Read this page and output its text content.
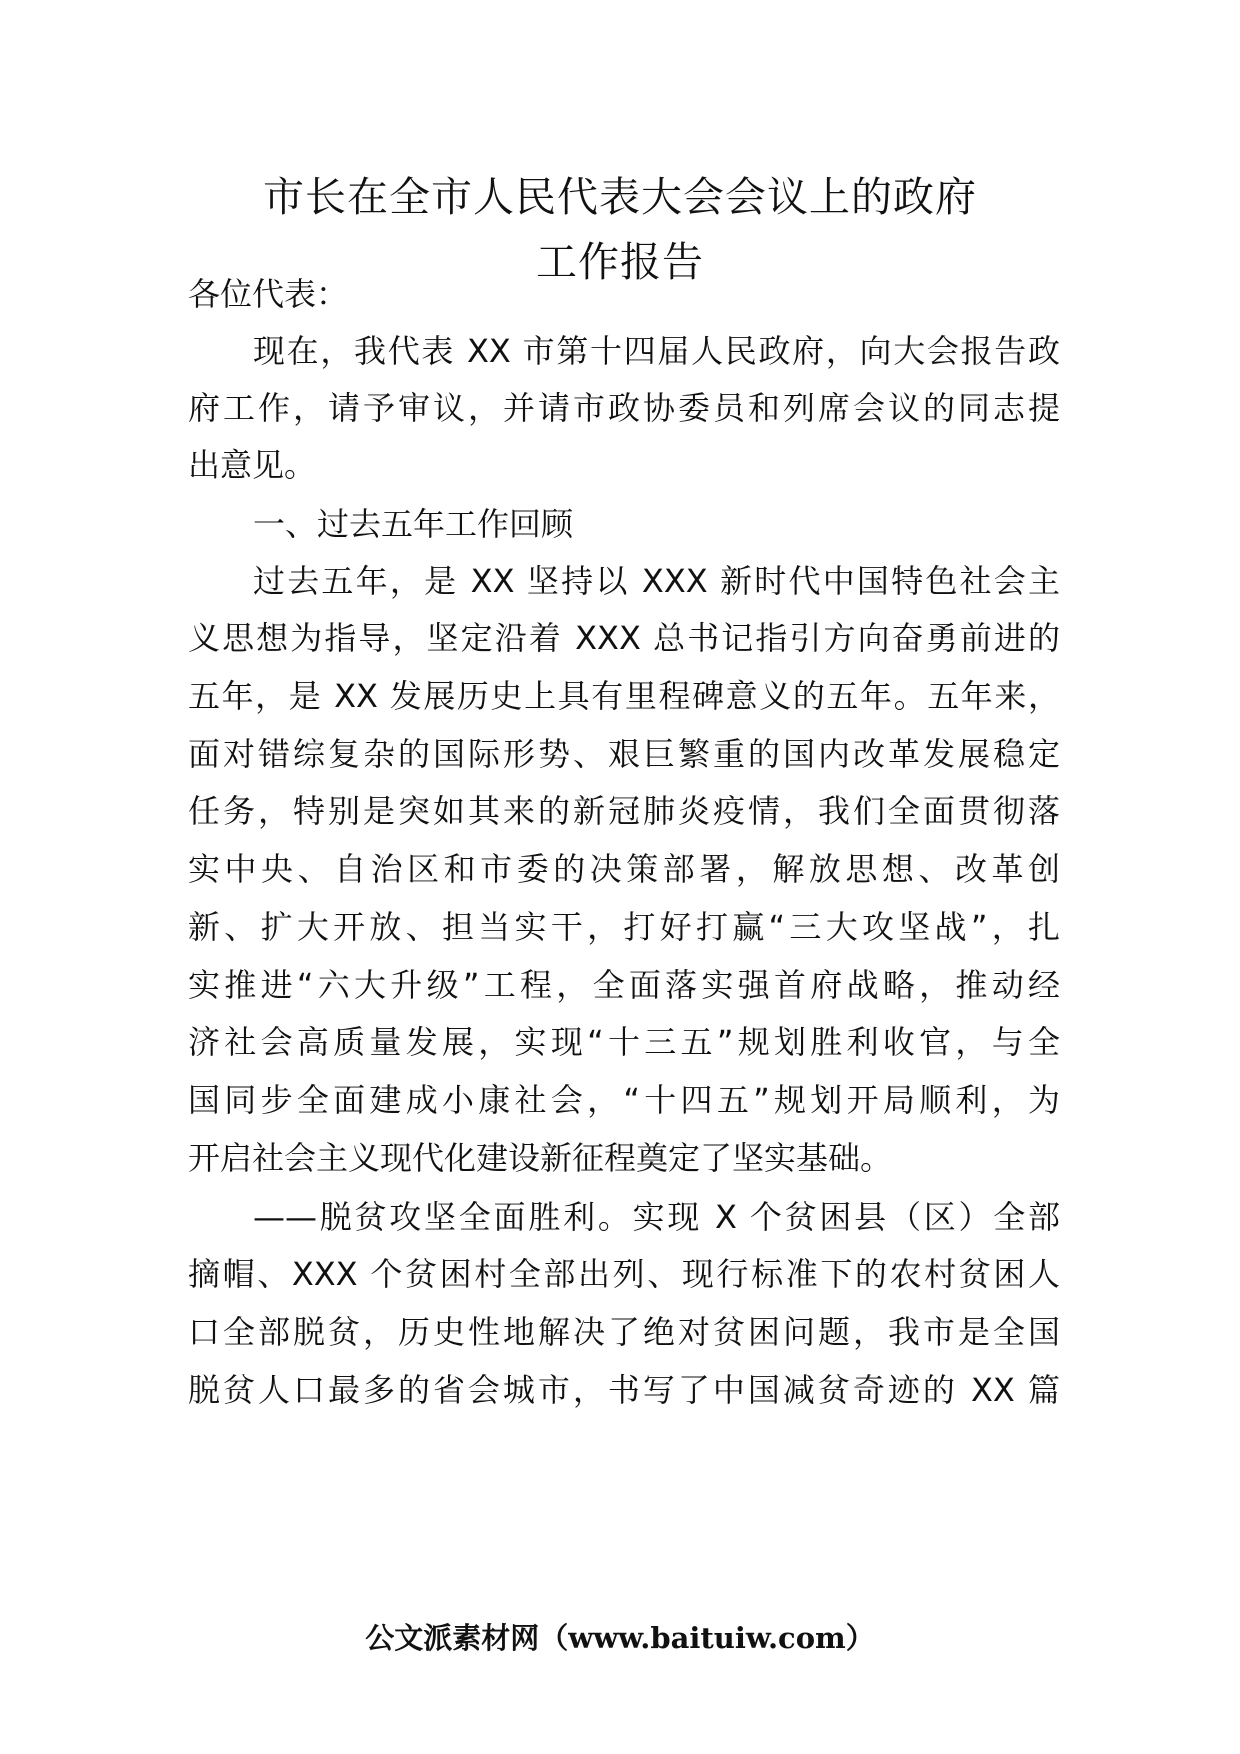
市长在全市人民代表大会会议上的政府
工作报告

各位代表：

现在，我代表 XX 市第十四届人民政府，向大会报告政

府工作，请予审议，并请市政协委员和列席会议的同志提

出意见。

一、过去五年工作回顾

过去五年，是 XX 坚持以 XXX 新时代中国特色社会主

义思想为指导，坚定沿着 XXX 总书记指引方向奋勇前进的

五年，是 XX 发展历史上具有里程碑意义的五年。五年来，

面对错综复杂的国际形势、艰巨繁重的国内改革发展稳定

任务，特别是突如其来的新冠肺炎疫情，我们全面贯彻落

实中央、自治区和市委的决策部署，解放思想、改革创

新、扩大开放、担当实干，打好打赢“三大攻坚战”，扎

实推进“六大升级”工程，全面落实强首府战略，推动经

济社会高质量发展，实现“十三五”规划胜利收官，与全

国同步全面建成小康社会，“十四五”规划开局顺利，为

开启社会主义现代化建设新征程奠定了坚实基础。

——脱贫攻坚全面胜利。实现 X 个贫困县（区）全部

摘帽、XXX 个贫困村全部出列、现行标准下的农村贫困人

口全部脱贫，历史性地解决了绝对贫困问题，我市是全国

脱贫人口最多的省会城市，书写了中国减贫奇迹的 XX 篇

公文派素材网（www.baituiw.com）
